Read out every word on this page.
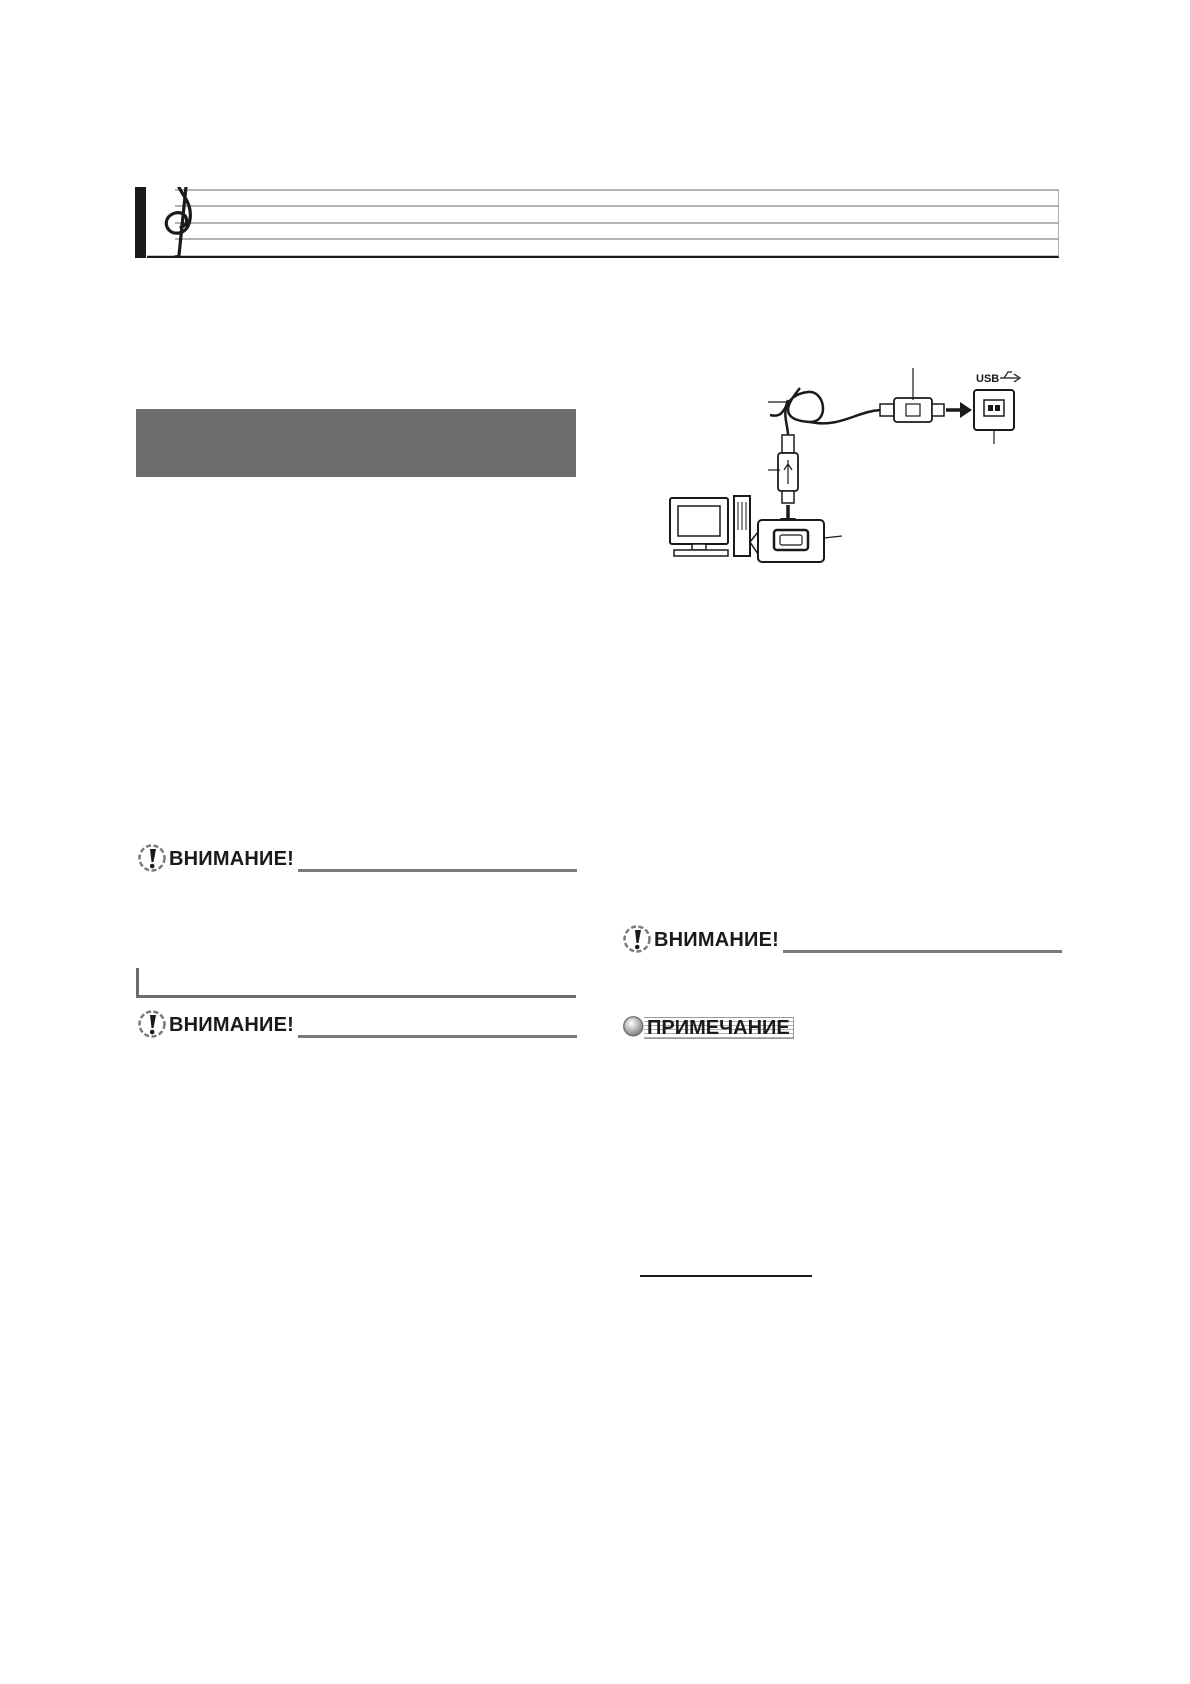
ВНИМАНИЕ!
ВНИМАНИЕ!
USB
ВНИМАНИЕ!
ПРИМЕЧАНИЕ
